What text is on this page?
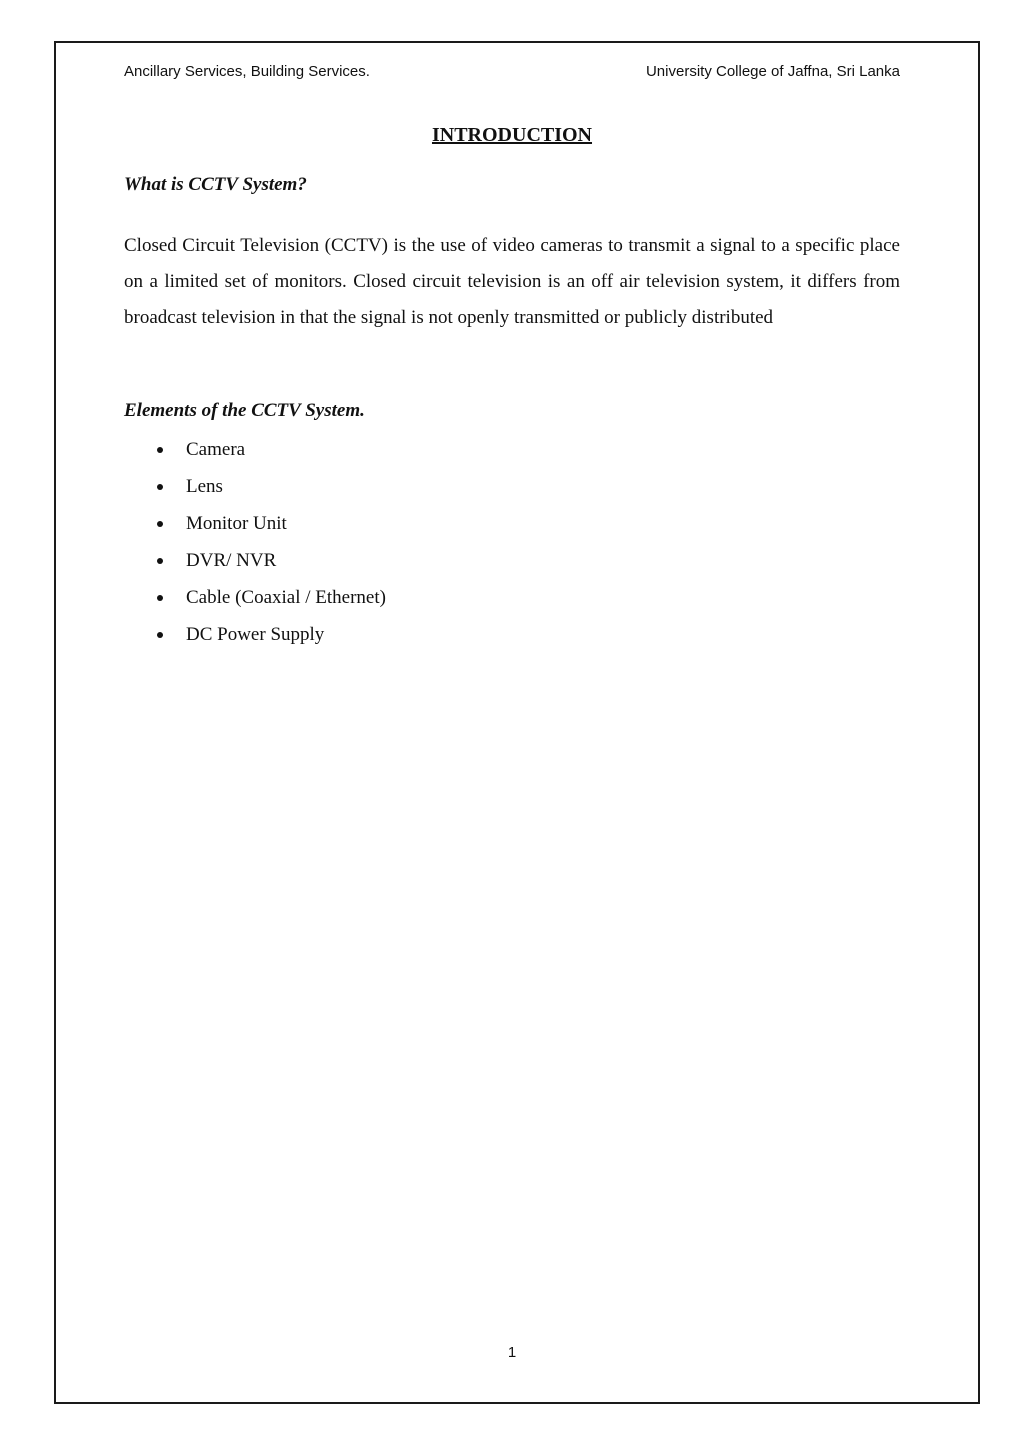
Ancillary Services, Building Services.	University College of Jaffna, Sri Lanka
INTRODUCTION
What is CCTV System?

Closed Circuit Television (CCTV) is the use of video cameras to transmit a signal to a specific place on a limited set of monitors. Closed circuit television is an off air television system, it differs from broadcast television in that the signal is not openly transmitted or publicly distributed

Elements of the CCTV System.
Camera
Lens
Monitor Unit
DVR/ NVR
Cable (Coaxial / Ethernet)
DC Power Supply
1
